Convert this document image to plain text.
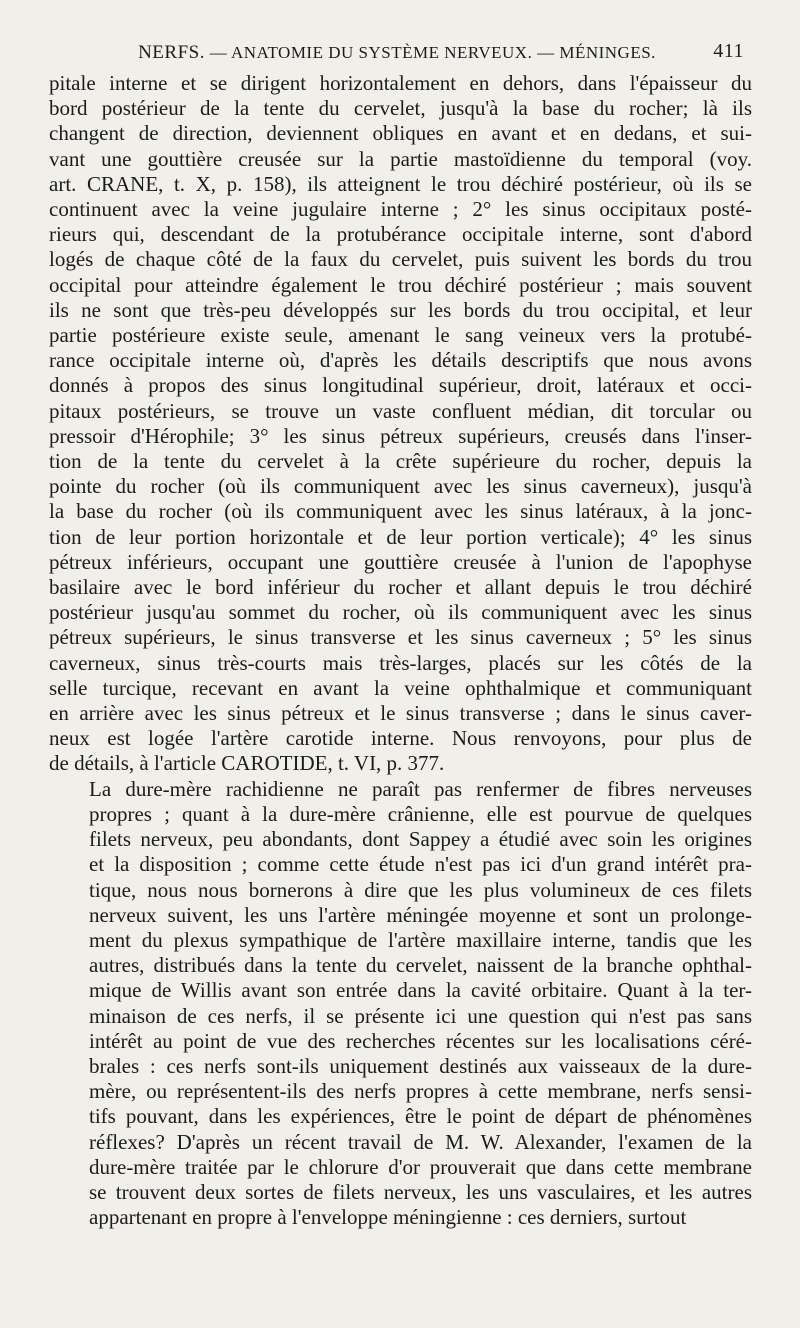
NERFS. — ANATOMIE DU SYSTÈME NERVEUX. — MÉNINGES.	411

pitale interne et se dirigent horizontalement en dehors, dans l'épaisseur du
bord postérieur de la tente du cervelet, jusqu'à la base du rocher; là ils
changent de direction, deviennent obliques en avant et en dedans, et sui-
vant une gouttière creusée sur la partie mastoïdienne du temporal (voy.
art. CRANE, t. X, p. 158), ils atteignent le trou déchiré postérieur, où ils se
continuent avec la veine jugulaire interne ; 2° les sinus occipitaux posté-
rieurs qui, descendant de la protubérance occipitale interne, sont d'abord
logés de chaque côté de la faux du cervelet, puis suivent les bords du trou
occipital pour atteindre également le trou déchiré postérieur ; mais souvent
ils ne sont que très-peu développés sur les bords du trou occipital, et leur
partie postérieure existe seule, amenant le sang veineux vers la protubé-
rance occipitale interne où, d'après les détails descriptifs que nous avons
donnés à propos des sinus longitudinal supérieur, droit, latéraux et occi-
pitaux postérieurs, se trouve un vaste confluent médian, dit torcular ou
pressoir d'Hérophile; 3° les sinus pétreux supérieurs, creusés dans l'inser-
tion de la tente du cervelet à la crête supérieure du rocher, depuis la
pointe du rocher (où ils communiquent avec les sinus caverneux), jusqu'à
la base du rocher (où ils communiquent avec les sinus latéraux, à la jonc-
tion de leur portion horizontale et de leur portion verticale); 4° les sinus
pétreux inférieurs, occupant une gouttière creusée à l'union de l'apophyse
basilaire avec le bord inférieur du rocher et allant depuis le trou déchiré
postérieur jusqu'au sommet du rocher, où ils communiquent avec les sinus
pétreux supérieurs, le sinus transverse et les sinus caverneux ; 5° les sinus
caverneux, sinus très-courts mais très-larges, placés sur les côtés de la
selle turcique, recevant en avant la veine ophthalmique et communiquant
en arrière avec les sinus pétreux et le sinus transverse ; dans le sinus caver-
neux est logée l'artère carotide interne. Nous renvoyons, pour plus de
de détails, à l'article CAROTIDE, t. VI, p. 377.

La dure-mère rachidienne ne paraît pas renfermer de fibres nerveuses
propres ; quant à la dure-mère crânienne, elle est pourvue de quelques
filets nerveux, peu abondants, dont Sappey a étudié avec soin les origines
et la disposition ; comme cette étude n'est pas ici d'un grand intérêt pra-
tique, nous nous bornerons à dire que les plus volumineux de ces filets
nerveux suivent, les uns l'artère méningée moyenne et sont un prolonge-
ment du plexus sympathique de l'artère maxillaire interne, tandis que les
autres, distribués dans la tente du cervelet, naissent de la branche ophthal-
mique de Willis avant son entrée dans la cavité orbitaire. Quant à la ter-
minaison de ces nerfs, il se présente ici une question qui n'est pas sans
intérêt au point de vue des recherches récentes sur les localisations céré-
brales : ces nerfs sont-ils uniquement destinés aux vaisseaux de la dure-
mère, ou représentent-ils des nerfs propres à cette membrane, nerfs sensi-
tifs pouvant, dans les expériences, être le point de départ de phénomènes
réflexes? D'après un récent travail de M. W. Alexander, l'examen de la
dure-mère traitée par le chlorure d'or prouverait que dans cette membrane
se trouvent deux sortes de filets nerveux, les uns vasculaires, et les autres
appartenant en propre à l'enveloppe méningienne : ces derniers, surtout
